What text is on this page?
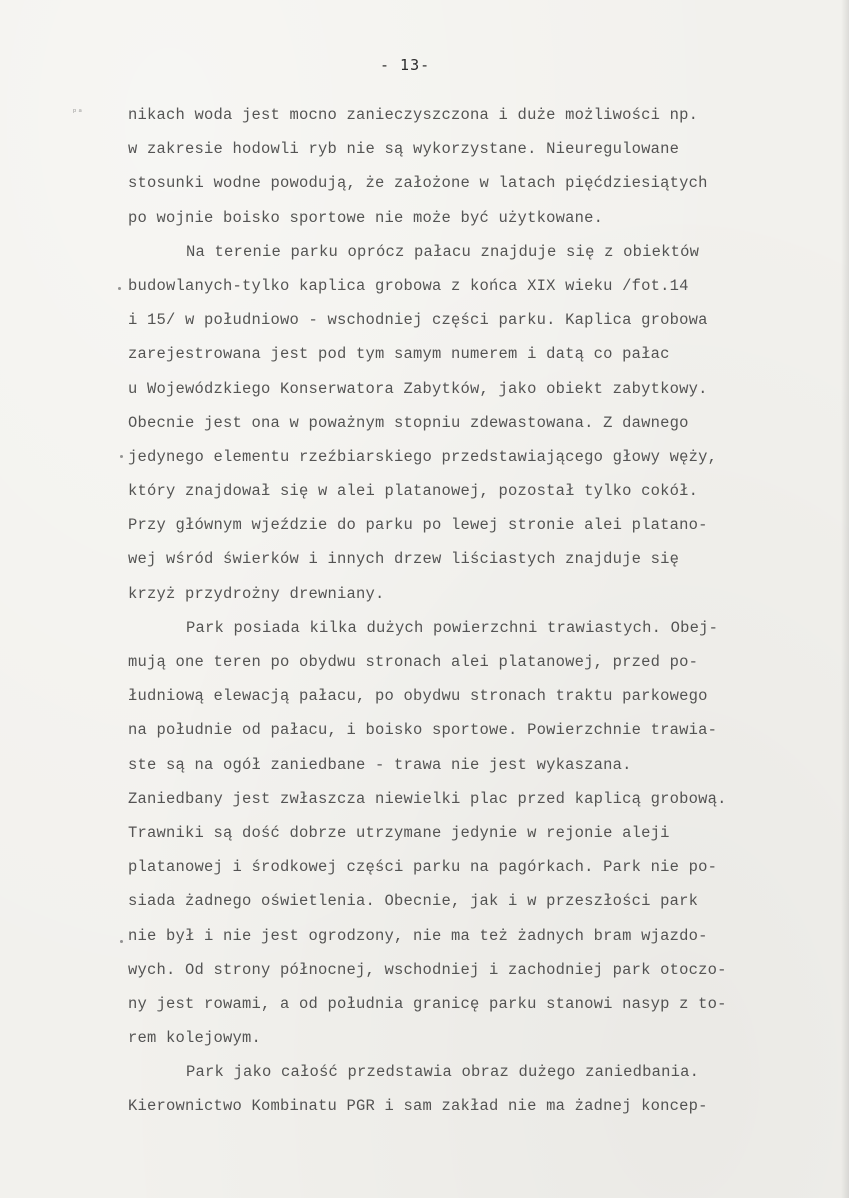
ᵖᵃ
- 13-
nikach woda jest mocno zanieczyszczona i duże możliwości np.
w zakresie hodowli ryb nie są wykorzystane. Nieuregulowane
stosunki wodne powodują, że założone w latach pięćdziesiątych
po wojnie boisko sportowe nie może być użytkowane.
Na terenie parku oprócz pałacu znajduje się z obiektów
budowlanych-tylko kaplica grobowa z końca XIX wieku /fot.14
i 15/ w południowo - wschodniej części parku. Kaplica grobowa
zarejestrowana jest pod tym samym numerem i datą co pałac
u Wojewódzkiego Konserwatora Zabytków, jako obiekt zabytkowy.
Obecnie jest ona w poważnym stopniu zdewastowana. Z dawnego
jedynego elementu rzeźbiarskiego przedstawiającego głowy węży,
który znajdował się w alei platanowej, pozostał tylko cokół.
Przy głównym wjeździe do parku po lewej stronie alei platano-
wej wśród świerków i innych drzew liściastych znajduje się
krzyż przydrożny drewniany.
Park posiada kilka dużych powierzchni trawiastych. Obej-
mują one teren po obydwu stronach alei platanowej, przed po-
łudniową elewacją pałacu, po obydwu stronach traktu parkowego
na południe od pałacu, i boisko sportowe. Powierzchnie trawia-
ste są na ogół zaniedbane - trawa nie jest wykaszana.
Zaniedbany jest zwłaszcza niewielki plac przed kaplicą grobową.
Trawniki są dość dobrze utrzymane jedynie w rejonie aleji
platanowej i środkowej części parku na pagórkach. Park nie po-
siada żadnego oświetlenia. Obecnie, jak i w przeszłości park
nie był i nie jest ogrodzony, nie ma też żadnych bram wjazdo-
wych. Od strony północnej, wschodniej i zachodniej park otoczo-
ny jest rowami, a od południa granicę parku stanowi nasyp z to-
rem kolejowym.
Park jako całość przedstawia obraz dużego zaniedbania.
Kierownictwo Kombinatu PGR i sam zakład nie ma żadnej koncep-
